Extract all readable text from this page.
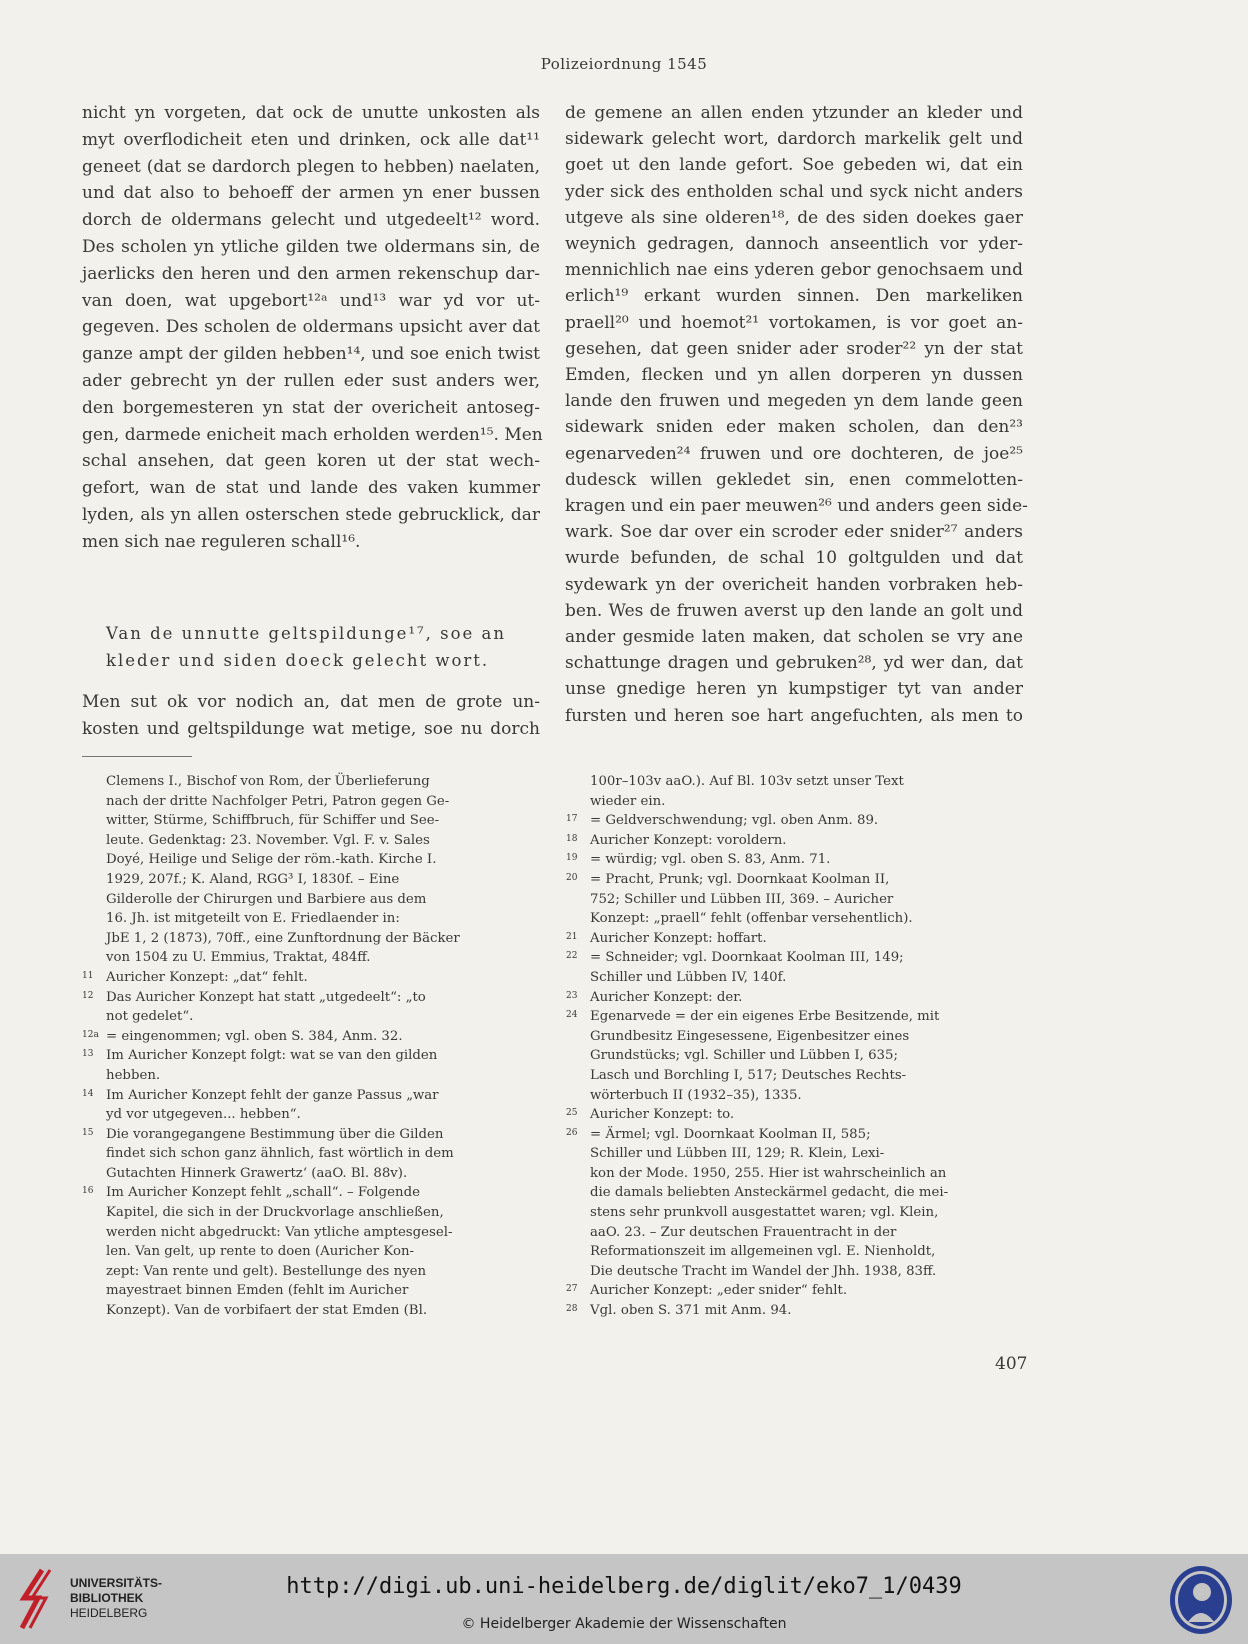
Polizeiordnung 1545
nicht yn vorgeten, dat ock de unutte unkosten als
myt overflodicheit eten und drinken, ock alle dat¹¹
geneet (dat se dardorch plegen to hebben) naelaten,
und dat also to behoeff der armen yn ener bussen
dorch de oldermans gelecht und utgedeelt¹² word.
Des scholen yn ytliche gilden twe oldermans sin, de
jaerlicks den heren und den armen rekenschup dar-
van doen, wat upgebort¹²ᵃ und¹³ war yd vor ut-
gegeven. Des scholen de oldermans upsicht aver dat
ganze ampt der gilden hebben¹⁴, und soe enich twist
ader gebrecht yn der rullen eder sust anders wer,
den borgemesteren yn stat der overicheit antoseg-
gen, darmede enicheit mach erholden werden¹⁵. Men
schal ansehen, dat geen koren ut der stat wech-
gefort, wan de stat und lande des vaken kummer
lyden, als yn allen osterschen stede gebrucklick, dar
men sich nae reguleren schall¹⁶.
Van de unnutte geltspildunge¹⁷, soe an
kleder und siden doeck gelecht wort.
Men sut ok vor nodich an, dat men de grote un-
kosten und geltspildunge wat metige, soe nu dorch
de gemene an allen enden ytzunder an kleder und
sidewark gelecht wort, dardorch markelik gelt und
goet ut den lande gefort. Soe gebeden wi, dat ein
yder sick des entholden schal und syck nicht anders
utgeve als sine olderen¹⁸, de des siden doekes gaer
weynich gedragen, dannoch anseentlich vor yder-
mennichlich nae eins yderen gebor genochsaem und
erlich¹⁹ erkant wurden sinnen. Den markeliken
praell²⁰ und hoemot²¹ vortokamen, is vor goet an-
gesehen, dat geen snider ader sroder²² yn der stat
Emden, flecken und yn allen dorperen yn dussen
lande den fruwen und megeden yn dem lande geen
sidewark sniden eder maken scholen, dan den²³
egenarveden²⁴ fruwen und ore dochteren, de joe²⁵
dudesck willen gekledet sin, enen commelotten-
kragen und ein paer meuwen²⁶ und anders geen side-
wark. Soe dar over ein scroder eder snider²⁷ anders
wurde befunden, de schal 10 goltgulden und dat
sydewark yn der overicheit handen vorbraken heb-
ben. Wes de fruwen averst up den lande an golt und
ander gesmide laten maken, dat scholen se vry ane
schattunge dragen und gebruken²⁸, yd wer dan, dat
unse gnedige heren yn kumpstiger tyt van ander
fursten und heren soe hart angefuchten, als men to
Clemens I., Bischof von Rom, der Überlieferung
nach der dritte Nachfolger Petri, Patron gegen Ge-
witter, Stürme, Schiffbruch, für Schiffer und See-
leute. Gedenktag: 23. November. Vgl. F. v. Sales
Doyé, Heilige und Selige der röm.-kath. Kirche I.
1929, 207f.; K. Aland, RGG³ I, 1830f. – Eine
Gilderolle der Chirurgen und Barbiere aus dem
16. Jh. ist mitgeteilt von E. Friedlaender in:
JbE 1, 2 (1873), 70ff., eine Zunftordnung der Bäcker
von 1504 zu U. Emmius, Traktat, 484ff.
11 Auricher Konzept: „dat“ fehlt.
12 Das Auricher Konzept hat statt „utgedeelt“: „to
not gedelet“.
12a = eingenommen; vgl. oben S. 384, Anm. 32.
13 Im Auricher Konzept folgt: wat se van den gilden
hebben.
14 Im Auricher Konzept fehlt der ganze Passus „war
yd vor utgegeven... hebben“.
15 Die vorangegangene Bestimmung über die Gilden
findet sich schon ganz ähnlich, fast wörtlich in dem
Gutachten Hinnerk Grawertz‘ (aaO. Bl. 88v).
16 Im Auricher Konzept fehlt „schall“. – Folgende
Kapitel, die sich in der Druckvorlage anschließen,
werden nicht abgedruckt: Van ytliche amptesgesel-
len. Van gelt, up rente to doen (Auricher Kon-
zept: Van rente und gelt). Bestellunge des nyen
mayestraet binnen Emden (fehlt im Auricher
Konzept). Van de vorbifaert der stat Emden (Bl.
100r–103v aaO.). Auf Bl. 103v setzt unser Text
wieder ein.
17 = Geldverschwendung; vgl. oben Anm. 89.
18 Auricher Konzept: voroldern.
19 = würdig; vgl. oben S. 83, Anm. 71.
20 = Pracht, Prunk; vgl. Doornkaat Koolman II,
752; Schiller und Lübben III, 369. – Auricher
Konzept: „praell“ fehlt (offenbar versehentlich).
21 Auricher Konzept: hoffart.
22 = Schneider; vgl. Doornkaat Koolman III, 149;
Schiller und Lübben IV, 140f.
23 Auricher Konzept: der.
24 Egenarvede = der ein eigenes Erbe Besitzende, mit
Grundbesitz Eingesessene, Eigenbesitzer eines
Grundstücks; vgl. Schiller und Lübben I, 635;
Lasch und Borchling I, 517; Deutsches Rechts-
wörterbuch II (1932–35), 1335.
25 Auricher Konzept: to.
26 = Ärmel; vgl. Doornkaat Koolman II, 585;
Schiller und Lübben III, 129; R. Klein, Lexi-
kon der Mode. 1950, 255. Hier ist wahrscheinlich an
die damals beliebten Ansteckärmel gedacht, die mei-
stens sehr prunkvoll ausgestattet waren; vgl. Klein,
aaO. 23. – Zur deutschen Frauentracht in der
Reformationszeit im allgemeinen vgl. E. Nienholdt,
Die deutsche Tracht im Wandel der Jhh. 1938, 83ff.
27 Auricher Konzept: „eder snider“ fehlt.
28 Vgl. oben S. 371 mit Anm. 94.
407
UNIVERSITÄTS-
BIBLIOTHEK
HEIDELBERG
http://digi.ub.uni-heidelberg.de/diglit/eko7_1/0439
© Heidelberger Akademie der Wissenschaften
